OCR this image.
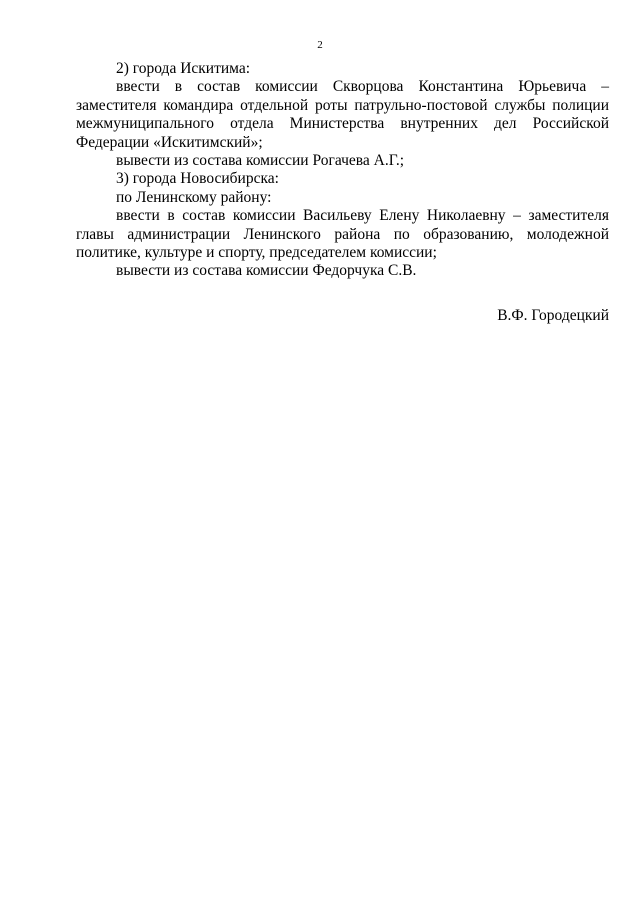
2

2) города Искитима:

ввести в состав комиссии Скворцова Константина Юрьевича – заместителя командира отдельной роты патрульно-постовой службы полиции межмуниципального отдела Министерства внутренних дел Российской Федерации «Искитимский»;

вывести из состава комиссии Рогачева А.Г.;

3) города Новосибирска:

по Ленинскому району:

ввести в состав комиссии Васильеву Елену Николаевну – заместителя главы администрации Ленинского района по образованию, молодежной политике, культуре и спорту, председателем комиссии;

вывести из состава комиссии Федорчука С.В.

В.Ф. Городецкий
